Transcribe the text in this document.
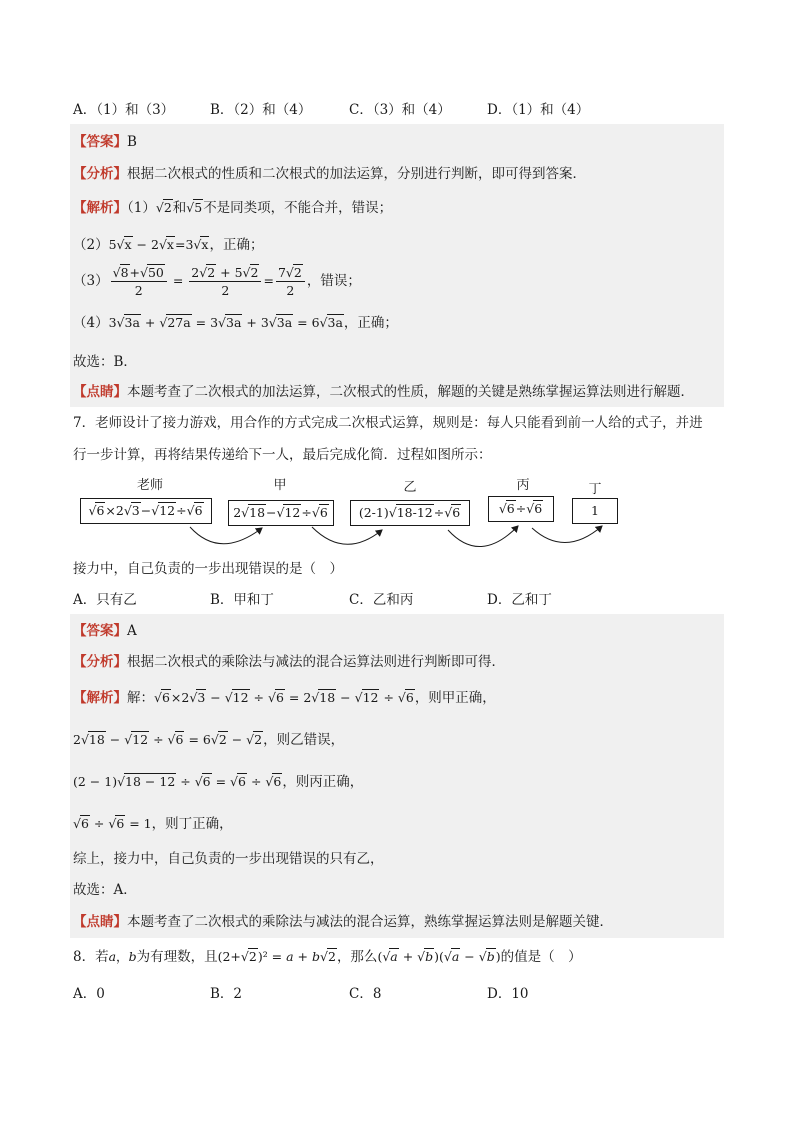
A．（1）和（3）	B．（2）和（4）	C．（3）和（4）	D．（1）和（4）
【答案】B
【分析】根据二次根式的性质和二次根式的加法运算，分别进行判断，即可得到答案．
【解析】（1）√2和√5不是同类项，不能合并，错误；
（2）5√x − 2√x=3√x，正确；
$(3) \frac{√8+√50}{2} = \frac{2√2 + 5√2}{2} = \frac{7√2}{2}$ ，错误；
（4）3√3a + √27a = 3√3a + 3√3a = 6√3a，正确；
故选：B．
【点睛】本题考查了二次根式的加法运算，二次根式的性质，解题的关键是熟练掌握运算法则进行解题．
7．老师设计了接力游戏，用合作的方式完成二次根式运算，规则是：每人只能看到前一人给的式子，并进
行一步计算，再将结果传递给下一人，最后完成化简．过程如图所示：
老师	甲	乙	丙	丁
√6×2√3−√12÷√6	2√18−√12÷√6	(2-1)√18-12÷√6	√6÷√6	1
接力中，自己负责的一步出现错误的是（　）
A．只有乙	B．甲和丁	C．乙和丙	D．乙和丁
【答案】A
【分析】根据二次根式的乘除法与减法的混合运算法则进行判断即可得．
【解析】解：√6×2√3 − √12 ÷ √6 = 2√18 − √12 ÷ √6，则甲正确，
2√18 − √12 ÷ √6 = 6√2 − √2，则乙错误，
(2 − 1)√18 − 12 ÷ √6 = √6 ÷ √6，则丙正确，
√6 ÷ √6 = 1，则丁正确，
综上，接力中，自己负责的一步出现错误的只有乙，
故选：A．
【点睛】本题考查了二次根式的乘除法与减法的混合运算，熟练掌握运算法则是解题关键．
8．若a，b为有理数，且(2+√2)² = a + b√2，那么(√a + √b)(√a − √b)的值是（　）
A．0	B．2	C．8	D．10
